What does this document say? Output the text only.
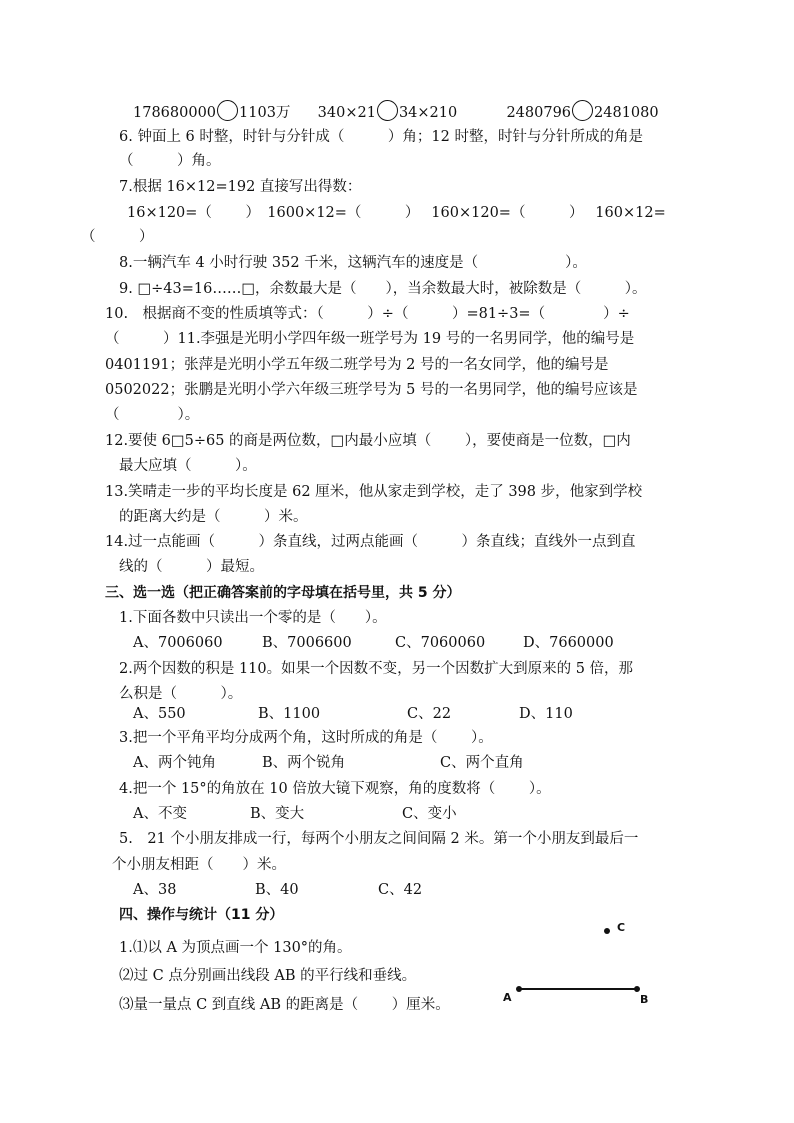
178680000 1103万 340×21 34×210	2480796 2481080
6. 钟面上 6 时整，时针与分针成（　　　）角；12 时整，时针与分针所成的角是
（　　　）角。
7.根据 16×12=192 直接写出得数：
16×120=（　　 ）　1600×12=（　　　）　 160×120=（　　　）　 160×12=
（　　　）
8.一辆汽车 4 小时行驶 352 千米，这辆汽车的速度是（　　　　　　）。
9. □÷43=16……□，余数最大是（　　），当余数最大时，被除数是（　　　）。
10.　根据商不变的性质填等式：（　　　）÷（　　　）=81÷3=（　　　　）÷
（　　　）11.李强是光明小学四年级一班学号为 19 号的一名男同学，他的编号是
0401191；张萍是光明小学五年级二班学号为 2 号的一名女同学，他的编号是
0502022；张鹏是光明小学六年级三班学号为 5 号的一名男同学，他的编号应该是
（　　　　）。
12.要使 6□5÷65 的商是两位数，□内最小应填（　　 ），要使商是一位数，□内
最大应填（　　　）。
13.笑晴走一步的平均长度是 62 厘米，他从家走到学校，走了 398 步，他家到学校
的距离大约是（　　　）米。
14.过一点能画（　　　）条直线，过两点能画（　　　）条直线；直线外一点到直
线的（　　　）最短。
三、选一选（把正确答案前的字母填在括号里，共 5 分）
1.下面各数中只读出一个零的是（　　）。
A、7006060	B、7006600	C、7060060	D、7660000
2.两个因数的积是 110。如果一个因数不变，另一个因数扩大到原来的 5 倍，那
么积是（　　　）。
A、550	B、1100	C、22	D、110
3.把一个平角平均分成两个角，这时所成的角是（　　 ）。
A、两个钝角	B、两个锐角	C、两个直角
4.把一个 15°的角放在 10 倍放大镜下观察，角的度数将（　　 ）。
A、不变	B、变大	C、变小
5.　21 个小朋友排成一行，每两个小朋友之间间隔 2 米。第一个小朋友到最后一
个小朋友相距（　　）米。
A、38	B、40	C、42
四、操作与统计（11 分）
1.⑴以 A 为顶点画一个 130°的角。
⑵过 C 点分别画出线段 AB 的平行线和垂线。
⑶量一量点 C 到直线 AB 的距离是（　　 ）厘米。	A	B
C
